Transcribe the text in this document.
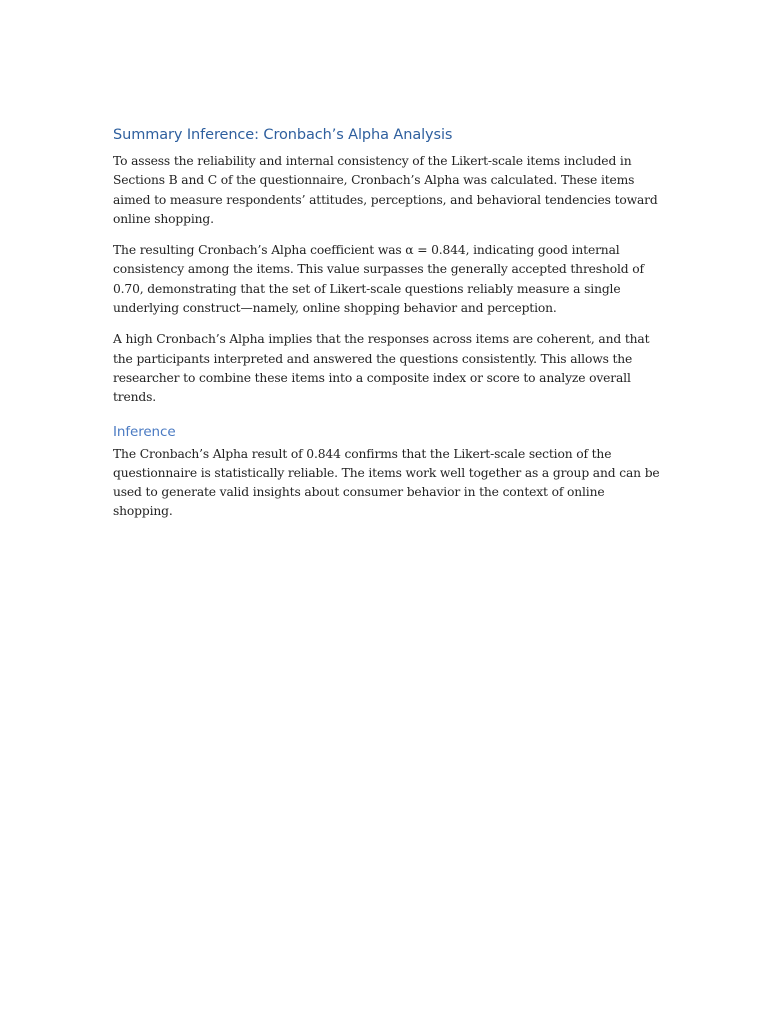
Summary Inference: Cronbach’s Alpha Analysis

To assess the reliability and internal consistency of the Likert-scale items included in Sections B and C of the questionnaire, Cronbach’s Alpha was calculated. These items aimed to measure respondents’ attitudes, perceptions, and behavioral tendencies toward online shopping.

The resulting Cronbach’s Alpha coefficient was α = 0.844, indicating good internal consistency among the items. This value surpasses the generally accepted threshold of 0.70, demonstrating that the set of Likert-scale questions reliably measure a single underlying construct—namely, online shopping behavior and perception.

A high Cronbach’s Alpha implies that the responses across items are coherent, and that the participants interpreted and answered the questions consistently. This allows the researcher to combine these items into a composite index or score to analyze overall trends.

Inference

The Cronbach’s Alpha result of 0.844 confirms that the Likert-scale section of the questionnaire is statistically reliable. The items work well together as a group and can be used to generate valid insights about consumer behavior in the context of online shopping.
